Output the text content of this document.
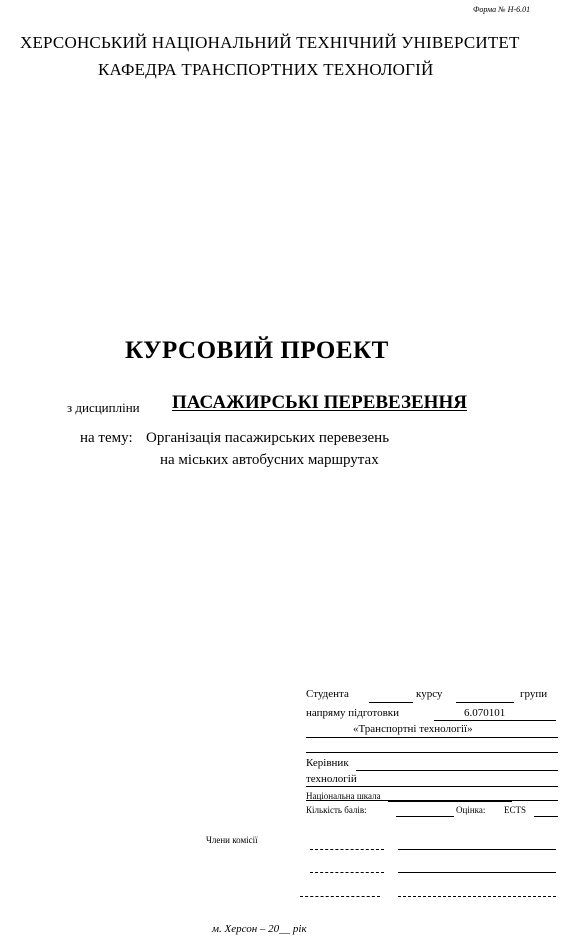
Форма № Н-6.01
ХЕРСОНСЬКИЙ НАЦІОНАЛЬНИЙ ТЕХНІЧНИЙ УНІВЕРСИТЕТ
КАФЕДРА ТРАНСПОРТНИХ ТЕХНОЛОГІЙ
КУРСОВИЙ ПРОЕКТ
з дисципліни ПАСАЖИРСЬКІ ПЕРЕВЕЗЕННЯ
на тему: Організація пасажирських перевезень
на міських автобусних маршрутах
Студента	курсу	групи
напряму підготовки	6.070101
«Транспортні технології»
Керівник
технологій
Національна шкала
Кількість балів:	Оцінка: ECTS
Члени комісії
м. Херсон – 20__ рік
